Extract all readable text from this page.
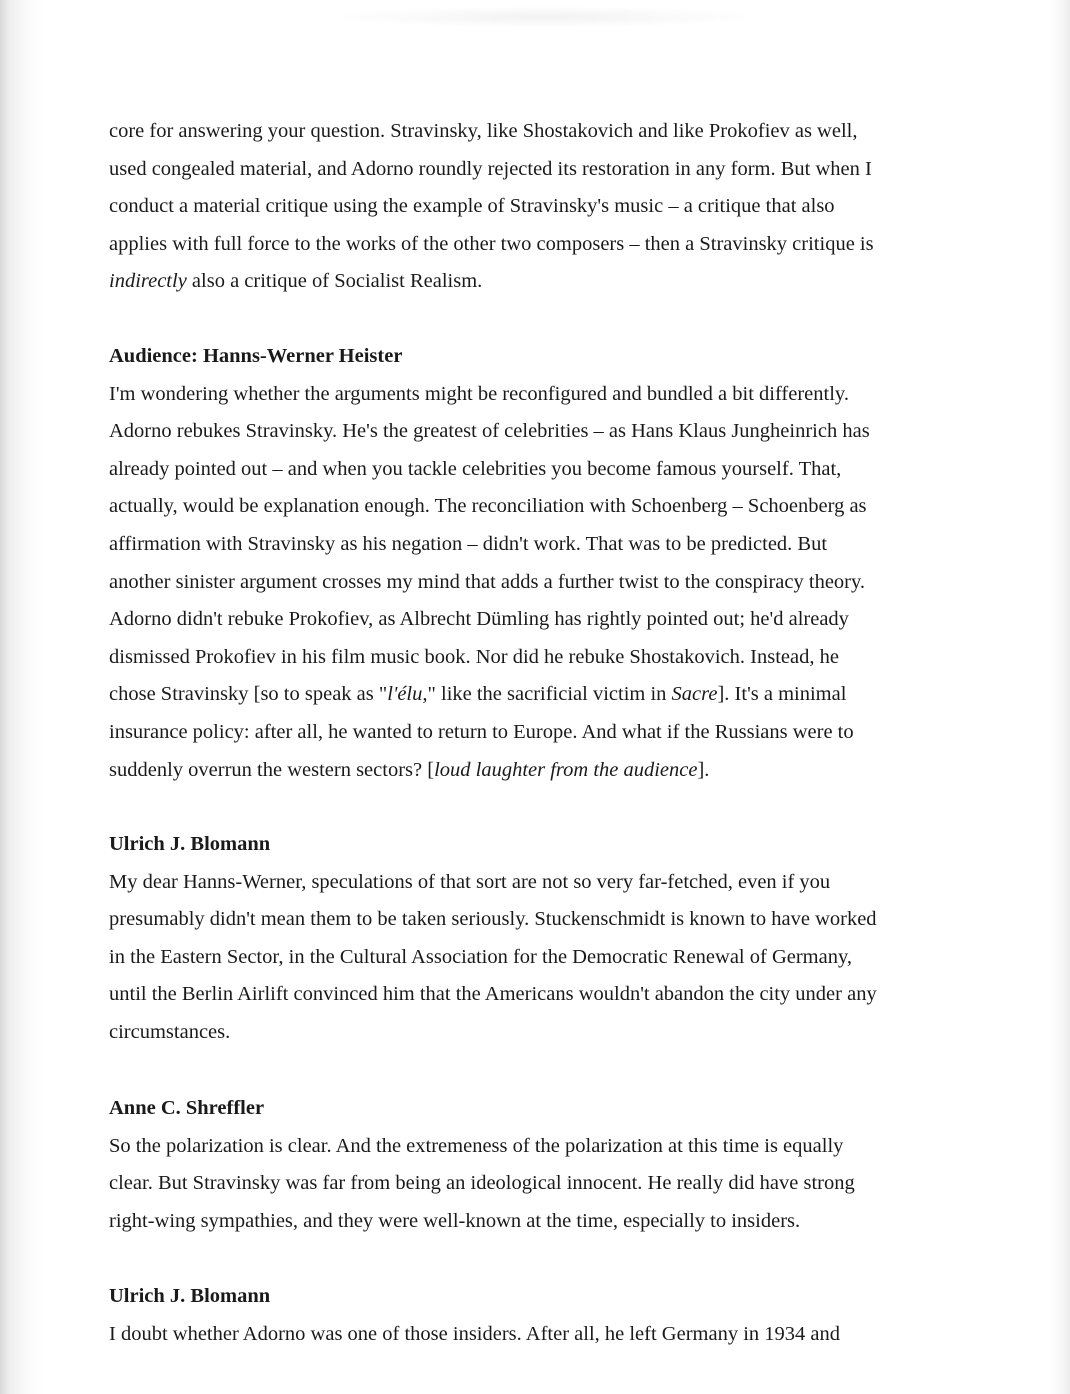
core for answering your question. Stravinsky, like Shostakovich and like Prokofiev as well,
used congealed material, and Adorno roundly rejected its restoration in any form. But when I
conduct a material critique using the example of Stravinsky's music – a critique that also
applies with full force to the works of the other two composers – then a Stravinsky critique is
indirectly also a critique of Socialist Realism.
Audience: Hanns-Werner Heister
I'm wondering whether the arguments might be reconfigured and bundled a bit differently.
Adorno rebukes Stravinsky. He's the greatest of celebrities – as Hans Klaus Jungheinrich has
already pointed out – and when you tackle celebrities you become famous yourself. That,
actually, would be explanation enough. The reconciliation with Schoenberg – Schoenberg as
affirmation with Stravinsky as his negation – didn't work. That was to be predicted. But
another sinister argument crosses my mind that adds a further twist to the conspiracy theory.
Adorno didn't rebuke Prokofiev, as Albrecht Dümling has rightly pointed out; he'd already
dismissed Prokofiev in his film music book. Nor did he rebuke Shostakovich. Instead, he
chose Stravinsky [so to speak as "l'élu," like the sacrificial victim in Sacre]. It's a minimal
insurance policy: after all, he wanted to return to Europe. And what if the Russians were to
suddenly overrun the western sectors? [loud laughter from the audience].
Ulrich J. Blomann
My dear Hanns-Werner, speculations of that sort are not so very far-fetched, even if you
presumably didn't mean them to be taken seriously. Stuckenschmidt is known to have worked
in the Eastern Sector, in the Cultural Association for the Democratic Renewal of Germany,
until the Berlin Airlift convinced him that the Americans wouldn't abandon the city under any
circumstances.
Anne C. Shreffler
So the polarization is clear. And the extremeness of the polarization at this time is equally
clear. But Stravinsky was far from being an ideological innocent. He really did have strong
right-wing sympathies, and they were well-known at the time, especially to insiders.
Ulrich J. Blomann
I doubt whether Adorno was one of those insiders. After all, he left Germany in 1934 and
